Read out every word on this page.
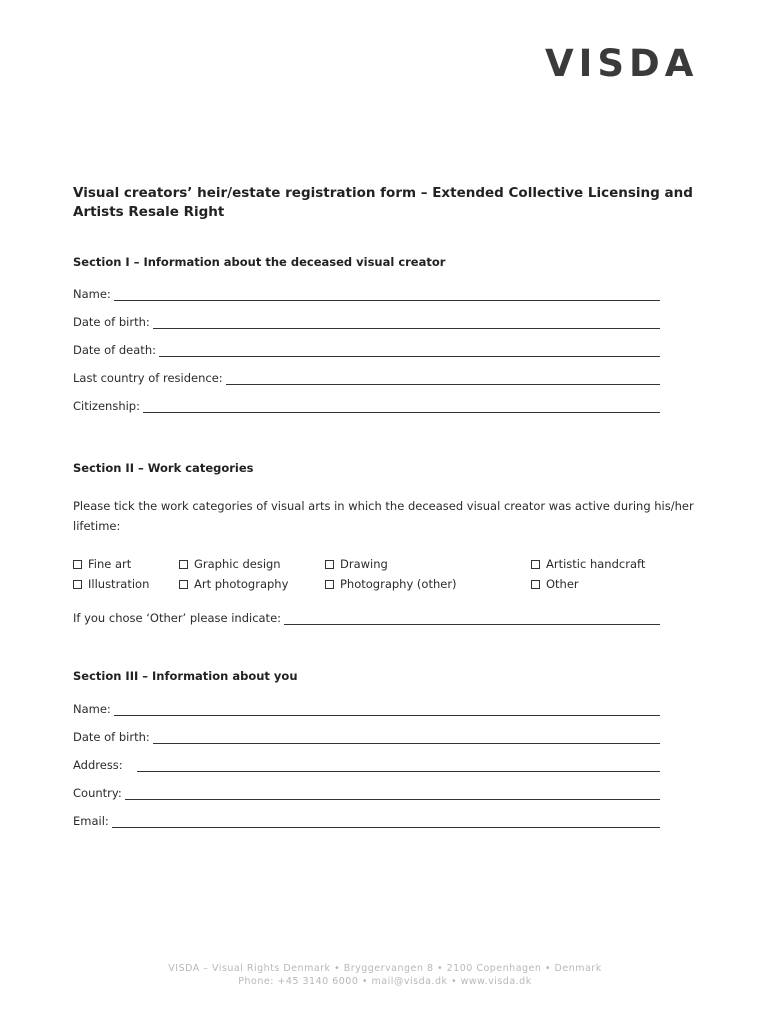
VISDA
Visual creators’ heir/estate registration form – Extended Collective Licensing and Artists Resale Right
Section I – Information about the deceased visual creator
Name:
Date of birth:
Date of death:
Last country of residence:
Citizenship:
Section II – Work categories
Please tick the work categories of visual arts in which the deceased visual creator was active during his/her lifetime:
Fine art	Graphic design	Drawing	Artistic handcraft
Illustration	Art photography	Photography (other)	Other
If you chose ‘Other’ please indicate:
Section III – Information about you
Name:
Date of birth:
Address:
Country:
Email:
VISDA – Visual Rights Denmark • Bryggervangen 8 • 2100 Copenhagen • Denmark
Phone: +45 3140 6000 • mail@visda.dk • www.visda.dk
